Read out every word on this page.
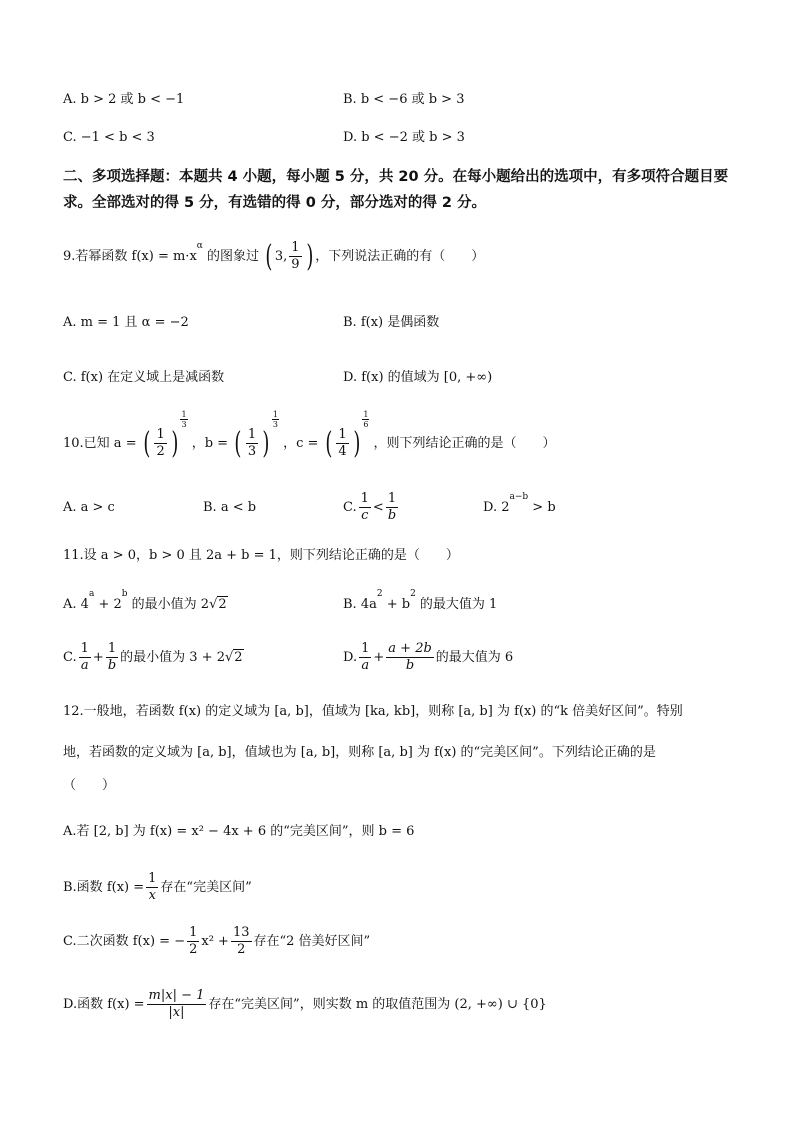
A. b > 2 或 b < −1	B. b < −6 或 b > 3
C. −1 < b < 3	D. b < −2 或 b > 3
二、多项选择题：本题共 4 小题，每小题 5 分，共 20 分。在每小题给出的选项中，有多项符合题目要求。全部选对的得 5 分，有选错的得 0 分，部分选对的得 2 分。
9.若幂函数 $f(x) = m\cdot x^\alpha$ 的图象过 ( 3, $\frac{1}{9}$ ) ，下列说法正确的有（　　）
A. m = 1 且 α = −2	B. f(x) 是偶函数
C. f(x) 在定义域上是减函数	D. f(x) 的值域为 [0, +∞)
10.已知 a = ( $\frac{1}{2}$ )
$\frac{1}{3}$
，b = ( $\frac{1}{3}$ )
$\frac{1}{3}$
，c = ( $\frac{1}{4}$ )
$\frac{1}{6}$
，则下列结论正确的是（　　）
A. a > c	B. a < b	C. $\frac{1}{c} < \frac{1}{b}$	D. $2^{a-b} > b$
11.设 a > 0，b > 0 且 2a + b = 1，则下列结论正确的是（　　）
A. $4^a + 2^b$ 的最小值为 2√2	B. $4a^2 + b^2$ 的最大值为 1
C. $\frac{1}{a} + \frac{1}{b}$ 的最小值为 3 + 2√2	D. $\frac{1}{a} + \frac{a + 2b}{b}$ 的最大值为 6
12.一般地，若函数 f(x) 的定义域为 [a, b]，值域为 [ka, kb]，则称 [a, b] 为 f(x) 的“k 倍美好区间”。特别
地，若函数的定义域为 [a, b]，值域也为 [a, b]，则称 [a, b] 为 f(x) 的“完美区间”。下列结论正确的是
（　　）
A.若 [2, b] 为 f(x) = x² − 4x + 6 的“完美区间”，则 b = 6
B.函数 $f(x) = \frac{1}{x}$ 存在“完美区间”
C.二次函数 f(x) = − $\frac{1}{2} x^2 + \frac{13}{2}$ 存在“2 倍美好区间”
D.函数 $f(x) = \frac{m|x| - 1}{|x|}$ 存在“完美区间”，则实数 m 的取值范围为 (2, +∞) ∪ {0}
